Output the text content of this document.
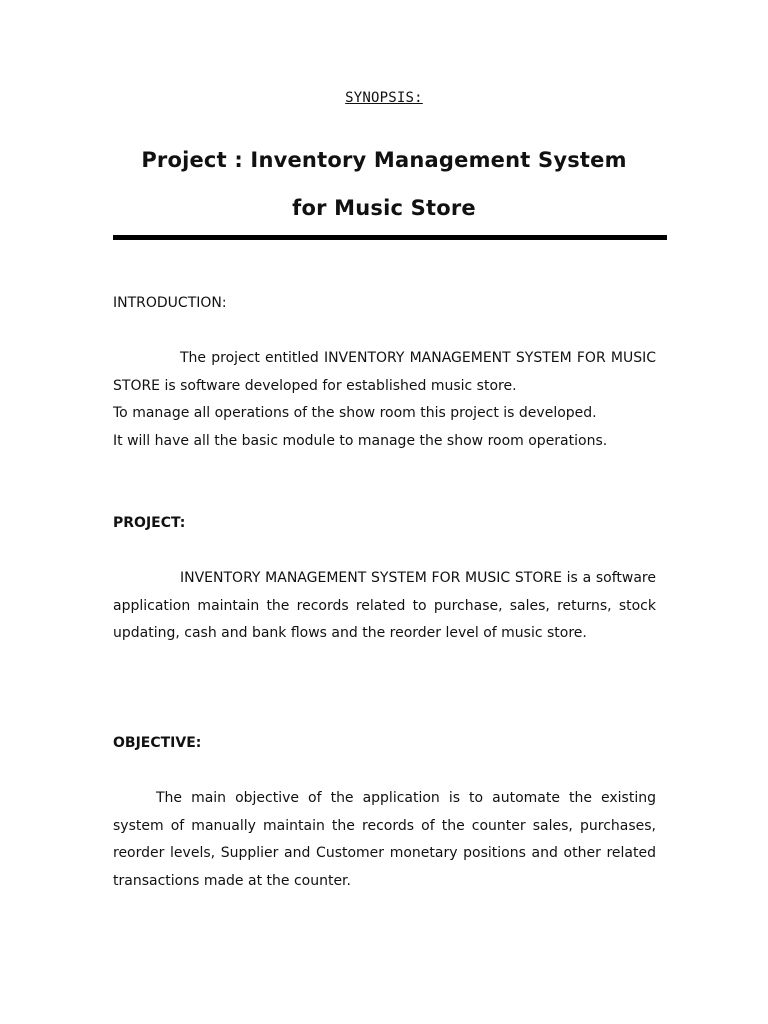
SYNOPSIS:
Project : Inventory Management System
for Music Store
INTRODUCTION:

The project entitled INVENTORY MANAGEMENT SYSTEM FOR MUSIC STORE is software developed for established music store.

To manage all operations of the show room this project is developed.

It will have all the basic module to manage the show room operations.

PROJECT:

INVENTORY MANAGEMENT SYSTEM FOR MUSIC STORE is a software application maintain the records related to purchase, sales, returns, stock updating, cash and bank flows and the reorder level of music store.

OBJECTIVE:

The main objective of the application is to automate the existing system of manually maintain the records of the counter sales, purchases, reorder levels, Supplier and Customer monetary positions and other related transactions made at the counter.
